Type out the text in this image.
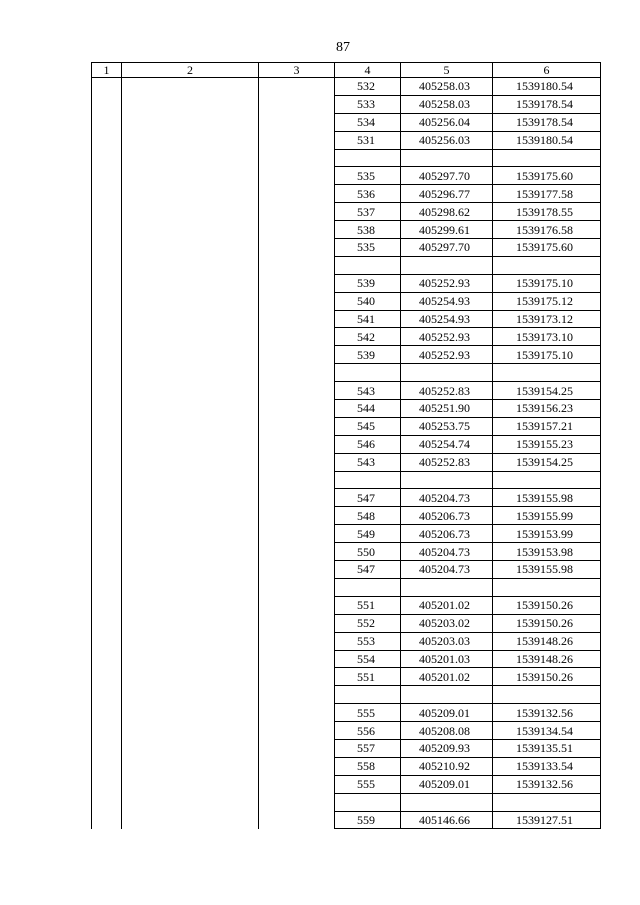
87
1	2	3	4	5	6
			532	405258.03	1539180.54
			533	405258.03	1539178.54
			534	405256.04	1539178.54
			531	405256.03	1539180.54

			535	405297.70	1539175.60
			536	405296.77	1539177.58
			537	405298.62	1539178.55
			538	405299.61	1539176.58
			535	405297.70	1539175.60

			539	405252.93	1539175.10
			540	405254.93	1539175.12
			541	405254.93	1539173.12
			542	405252.93	1539173.10
			539	405252.93	1539175.10

			543	405252.83	1539154.25
			544	405251.90	1539156.23
			545	405253.75	1539157.21
			546	405254.74	1539155.23
			543	405252.83	1539154.25

			547	405204.73	1539155.98
			548	405206.73	1539155.99
			549	405206.73	1539153.99
			550	405204.73	1539153.98
			547	405204.73	1539155.98

			551	405201.02	1539150.26
			552	405203.02	1539150.26
			553	405203.03	1539148.26
			554	405201.03	1539148.26
			551	405201.02	1539150.26

			555	405209.01	1539132.56
			556	405208.08	1539134.54
			557	405209.93	1539135.51
			558	405210.92	1539133.54
			555	405209.01	1539132.56

			559	405146.66	1539127.51
